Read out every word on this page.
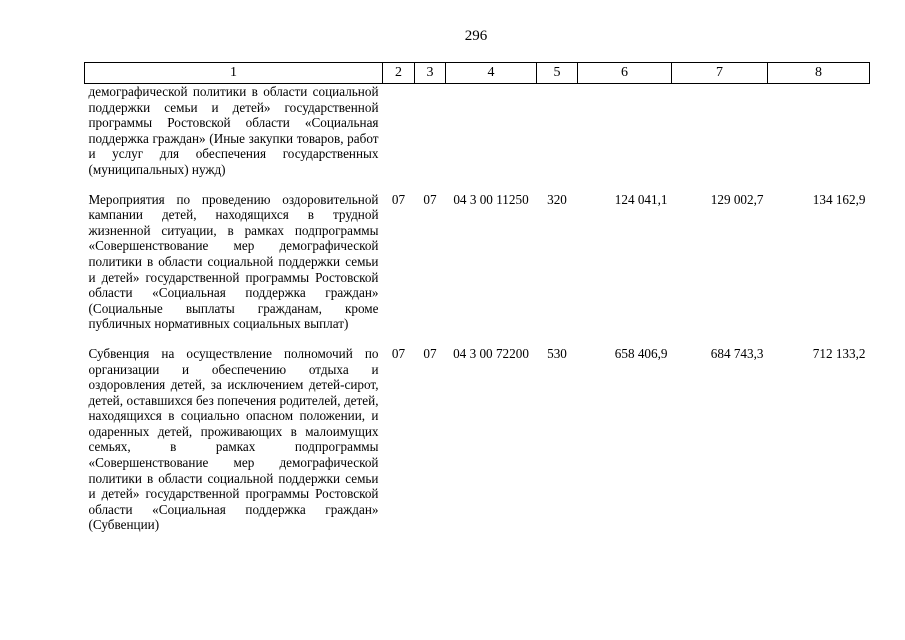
296
1	2	3	4	5	6	7	8
демографической политики в области социальной поддержки семьи и детей» государственной программы Ростовской области «Социальная поддержка граждан» (Иные закупки товаров, работ и услуг для обеспечения государственных (муниципальных) нужд)							
Мероприятия по проведению оздоровительной кампании детей, находящихся в трудной жизненной ситуации, в рамках подпрограммы «Совершенствование мер демографической политики в области социальной поддержки семьи и детей» государственной программы Ростовской области «Социальная поддержка граждан» (Социальные выплаты гражданам, кроме публичных нормативных социальных выплат)	07	07	04 3 00 11250	320	124 041,1	129 002,7	134 162,9
Субвенция на осуществление полномочий по организации и обеспечению отдыха и оздоровления детей, за исключением детей-сирот, детей, оставшихся без попечения родителей, детей, находящихся в социально опасном положении, и одаренных детей, проживающих в малоимущих семьях, в рамках подпрограммы «Совершенствование мер демографической политики в области социальной поддержки семьи и детей» государственной программы Ростовской области «Социальная поддержка граждан» (Субвенции)	07	07	04 3 00 72200	530	658 406,9	684 743,3	712 133,2
